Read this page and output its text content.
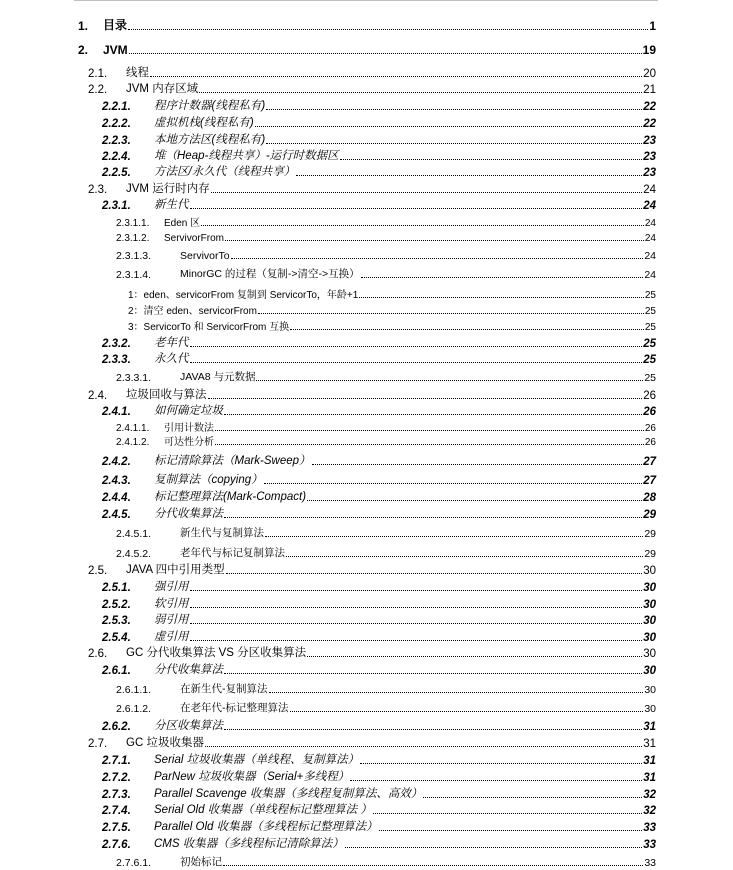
1.	目录	1
2.	JVM	19
2.1.	线程	20
2.2.	JVM 内存区域	21
2.2.1.	程序计数器(线程私有)	22
2.2.2.	虚拟机栈(线程私有)	22
2.2.3.	本地方法区(线程私有)	23
2.2.4.	堆（Heap-线程共享）-运行时数据区	23
2.2.5.	方法区/永久代（线程共享）	23
2.3.	JVM 运行时内存	24
2.3.1.	新生代	24
2.3.1.1.	Eden 区	24
2.3.1.2.	ServivorFrom	24
2.3.1.3.	ServivorTo	24
2.3.1.4.	MinorGC 的过程（复制->清空->互换）	24
1：eden、servicorFrom 复制到 ServicorTo，年龄+1	25
2：清空 eden、servicorFrom	25
3：ServicorTo 和 ServicorFrom 互换	25
2.3.2.	老年代	25
2.3.3.	永久代	25
2.3.3.1.	JAVA8 与元数据	25
2.4.	垃圾回收与算法	26
2.4.1.	如何确定垃圾	26
2.4.1.1.	引用计数法	26
2.4.1.2.	可达性分析	26
2.4.2.	标记清除算法（Mark-Sweep）	27
2.4.3.	复制算法（copying）	27
2.4.4.	标记整理算法(Mark-Compact)	28
2.4.5.	分代收集算法	29
2.4.5.1.	新生代与复制算法	29
2.4.5.2.	老年代与标记复制算法	29
2.5.	JAVA 四中引用类型	30
2.5.1.	强引用	30
2.5.2.	软引用	30
2.5.3.	弱引用	30
2.5.4.	虚引用	30
2.6.	GC 分代收集算法 VS 分区收集算法	30
2.6.1.	分代收集算法	30
2.6.1.1.	在新生代-复制算法	30
2.6.1.2.	在老年代-标记整理算法	30
2.6.2.	分区收集算法	31
2.7.	GC 垃圾收集器	31
2.7.1.	Serial 垃圾收集器（单线程、复制算法）	31
2.7.2.	ParNew 垃圾收集器（Serial+多线程）	31
2.7.3.	Parallel Scavenge 收集器（多线程复制算法、高效）	32
2.7.4.	Serial Old 收集器（单线程标记整理算法 ）	32
2.7.5.	Parallel Old 收集器（多线程标记整理算法）	33
2.7.6.	CMS 收集器（多线程标记清除算法）	33
2.7.6.1.	初始标记	33
